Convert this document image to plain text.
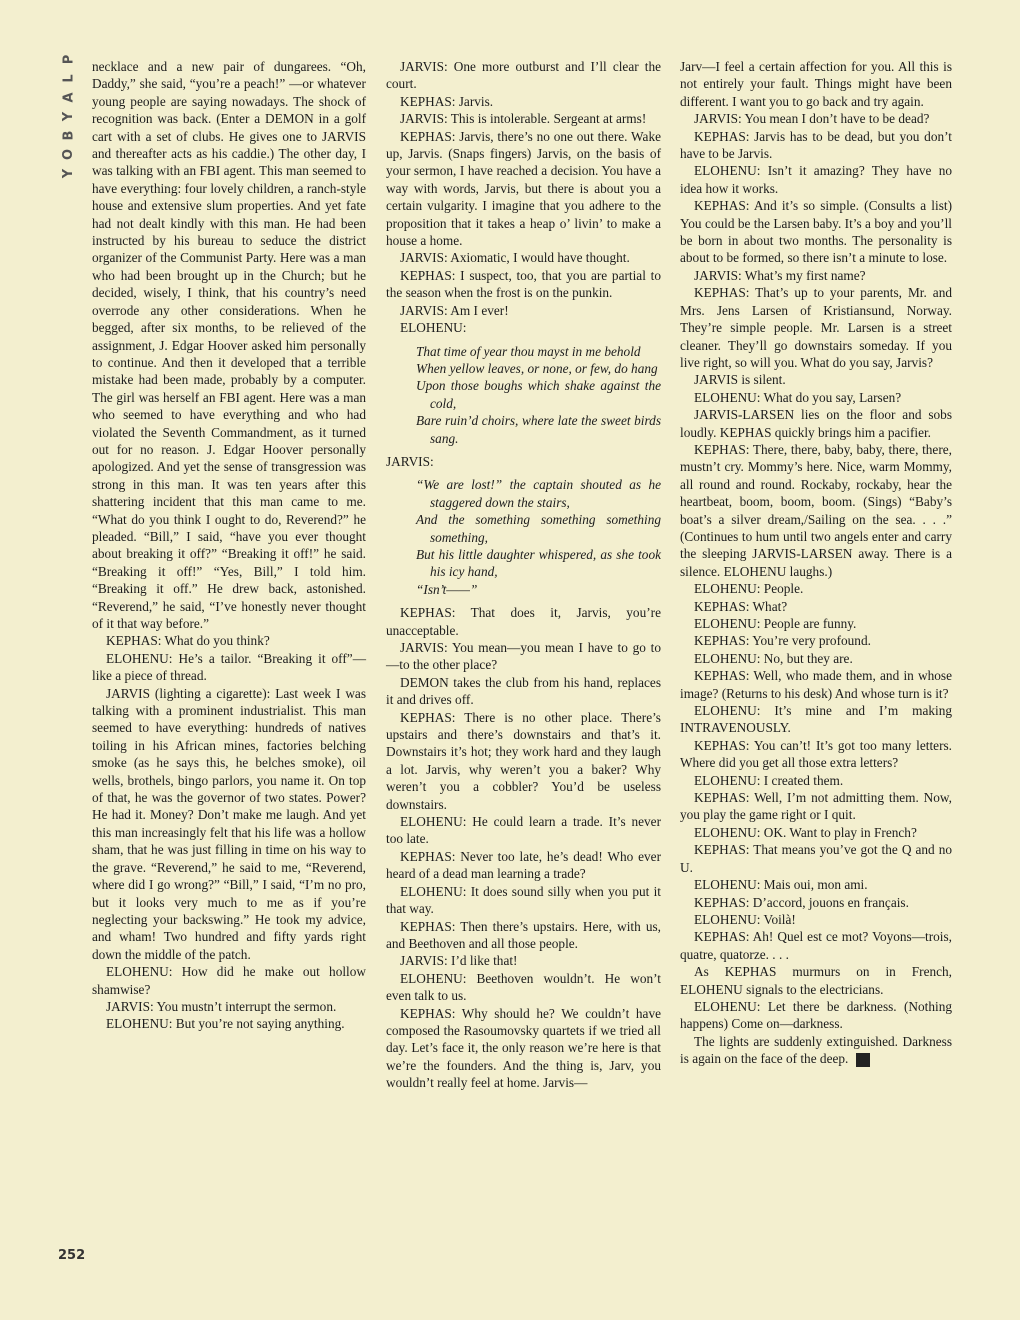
P
L
A
Y
B
O
Y
252

necklace and a new pair of dungarees. “Oh, Daddy,” she said, “you’re a peach!” —or whatever young people are saying nowadays. The shock of recognition was back. (Enter a DEMON in a golf cart with a set of clubs. He gives one to JARVIS and thereafter acts as his caddie.) The other day, I was talking with an FBI agent. This man seemed to have everything: four lovely children, a ranch-style house and extensive slum properties. And yet fate had not dealt kindly with this man. He had been instructed by his bureau to seduce the district organizer of the Communist Party. Here was a man who had been brought up in the Church; but he decided, wisely, I think, that his country’s need overrode any other considerations. When he begged, after six months, to be relieved of the assignment, J. Edgar Hoover asked him personally to continue. And then it developed that a terrible mistake had been made, probably by a computer. The girl was herself an FBI agent. Here was a man who seemed to have everything and who had violated the Seventh Commandment, as it turned out for no reason. J. Edgar Hoover personally apologized. And yet the sense of transgression was strong in this man. It was ten years after this shattering incident that this man came to me. “What do you think I ought to do, Reverend?” he pleaded. “Bill,” I said, “have you ever thought about breaking it off?” “Breaking it off!” he said. “Breaking it off!” “Yes, Bill,” I told him. “Breaking it off.” He drew back, astonished. “Reverend,” he said, “I’ve honestly never thought of it that way before.”

KEPHAS: What do you think?

ELOHENU: He’s a tailor. “Breaking it off”—like a piece of thread.

JARVIS (lighting a cigarette): Last week I was talking with a prominent industrialist. This man seemed to have everything: hundreds of natives toiling in his African mines, factories belching smoke (as he says this, he belches smoke), oil wells, brothels, bingo parlors, you name it. On top of that, he was the governor of two states. Power? He had it. Money? Don’t make me laugh. And yet this man increasingly felt that his life was a hollow sham, that he was just filling in time on his way to the grave. “Reverend,” he said to me, “Reverend, where did I go wrong?” “Bill,” I said, “I’m no pro, but it looks very much to me as if you’re neglecting your backswing.” He took my advice, and wham! Two hundred and fifty yards right down the middle of the patch.

ELOHENU: How did he make out hollow shamwise?

JARVIS: You mustn’t interrupt the sermon.

ELOHENU: But you’re not saying anything.

JARVIS: One more outburst and I’ll clear the court.

KEPHAS: Jarvis.

JARVIS: This is intolerable. Sergeant at arms!

KEPHAS: Jarvis, there’s no one out there. Wake up, Jarvis. (Snaps fingers) Jarvis, on the basis of your sermon, I have reached a decision. You have a way with words, Jarvis, but there is about you a certain vulgarity. I imagine that you adhere to the proposition that it takes a heap o’ livin’ to make a house a home.

JARVIS: Axiomatic, I would have thought.

KEPHAS: I suspect, too, that you are partial to the season when the frost is on the punkin.

JARVIS: Am I ever!

ELOHENU:

That time of year thou mayst in me behold
When yellow leaves, or none, or few, do hang
Upon those boughs which shake against the cold,
Bare ruin’d choirs, where late the sweet birds sang.

JARVIS:

“We are lost!” the captain shouted as he staggered down the stairs,
And the something something something something,
But his little daughter whispered, as she took his icy hand,
“Isn’t——”

KEPHAS: That does it, Jarvis, you’re unacceptable.

JARVIS: You mean—you mean I have to go to—to the other place?

DEMON takes the club from his hand, replaces it and drives off.

KEPHAS: There is no other place. There’s upstairs and there’s downstairs and that’s it. Downstairs it’s hot; they work hard and they laugh a lot. Jarvis, why weren’t you a baker? Why weren’t you a cobbler? You’d be useless downstairs.

ELOHENU: He could learn a trade. It’s never too late.

KEPHAS: Never too late, he’s dead! Who ever heard of a dead man learning a trade?

ELOHENU: It does sound silly when you put it that way.

KEPHAS: Then there’s upstairs. Here, with us, and Beethoven and all those people.

JARVIS: I’d like that!

ELOHENU: Beethoven wouldn’t. He won’t even talk to us.

KEPHAS: Why should he? We couldn’t have composed the Rasoumovsky quartets if we tried all day. Let’s face it, the only reason we’re here is that we’re the founders. And the thing is, Jarv, you wouldn’t really feel at home. Jarvis—

Jarv—I feel a certain affection for you. All this is not entirely your fault. Things might have been different. I want you to go back and try again.

JARVIS: You mean I don’t have to be dead?

KEPHAS: Jarvis has to be dead, but you don’t have to be Jarvis.

ELOHENU: Isn’t it amazing? They have no idea how it works.

KEPHAS: And it’s so simple. (Consults a list) You could be the Larsen baby. It’s a boy and you’ll be born in about two months. The personality is about to be formed, so there isn’t a minute to lose.

JARVIS: What’s my first name?

KEPHAS: That’s up to your parents, Mr. and Mrs. Jens Larsen of Kristiansund, Norway. They’re simple people. Mr. Larsen is a street cleaner. They’ll go downstairs someday. If you live right, so will you. What do you say, Jarvis?

JARVIS is silent.

ELOHENU: What do you say, Larsen?

JARVIS-LARSEN lies on the floor and sobs loudly. KEPHAS quickly brings him a pacifier.

KEPHAS: There, there, baby, baby, there, there, mustn’t cry. Mommy’s here. Nice, warm Mommy, all round and round. Rockaby, rockaby, hear the heartbeat, boom, boom, boom. (Sings) “Baby’s boat’s a silver dream,/Sailing on the sea. . . .” (Continues to hum until two angels enter and carry the sleeping JARVIS-LARSEN away. There is a silence. ELOHENU laughs.)

ELOHENU: People.

KEPHAS: What?

ELOHENU: People are funny.

KEPHAS: You’re very profound.

ELOHENU: No, but they are.

KEPHAS: Well, who made them, and in whose image? (Returns to his desk) And whose turn is it?

ELOHENU: It’s mine and I’m making INTRAVENOUSLY.

KEPHAS: You can’t! It’s got too many letters. Where did you get all those extra letters?

ELOHENU: I created them.

KEPHAS: Well, I’m not admitting them. Now, you play the game right or I quit.

ELOHENU: OK. Want to play in French?

KEPHAS: That means you’ve got the Q and no U.

ELOHENU: Mais oui, mon ami.

KEPHAS: D’accord, jouons en français.

ELOHENU: Voilà!

KEPHAS: Ah! Quel est ce mot? Voyons—trois, quatre, quatorze. . . .

As KEPHAS murmurs on in French, ELOHENU signals to the electricians.

ELOHENU: Let there be darkness. (Nothing happens) Come on—darkness.

The lights are suddenly extinguished. Darkness is again on the face of the deep.
